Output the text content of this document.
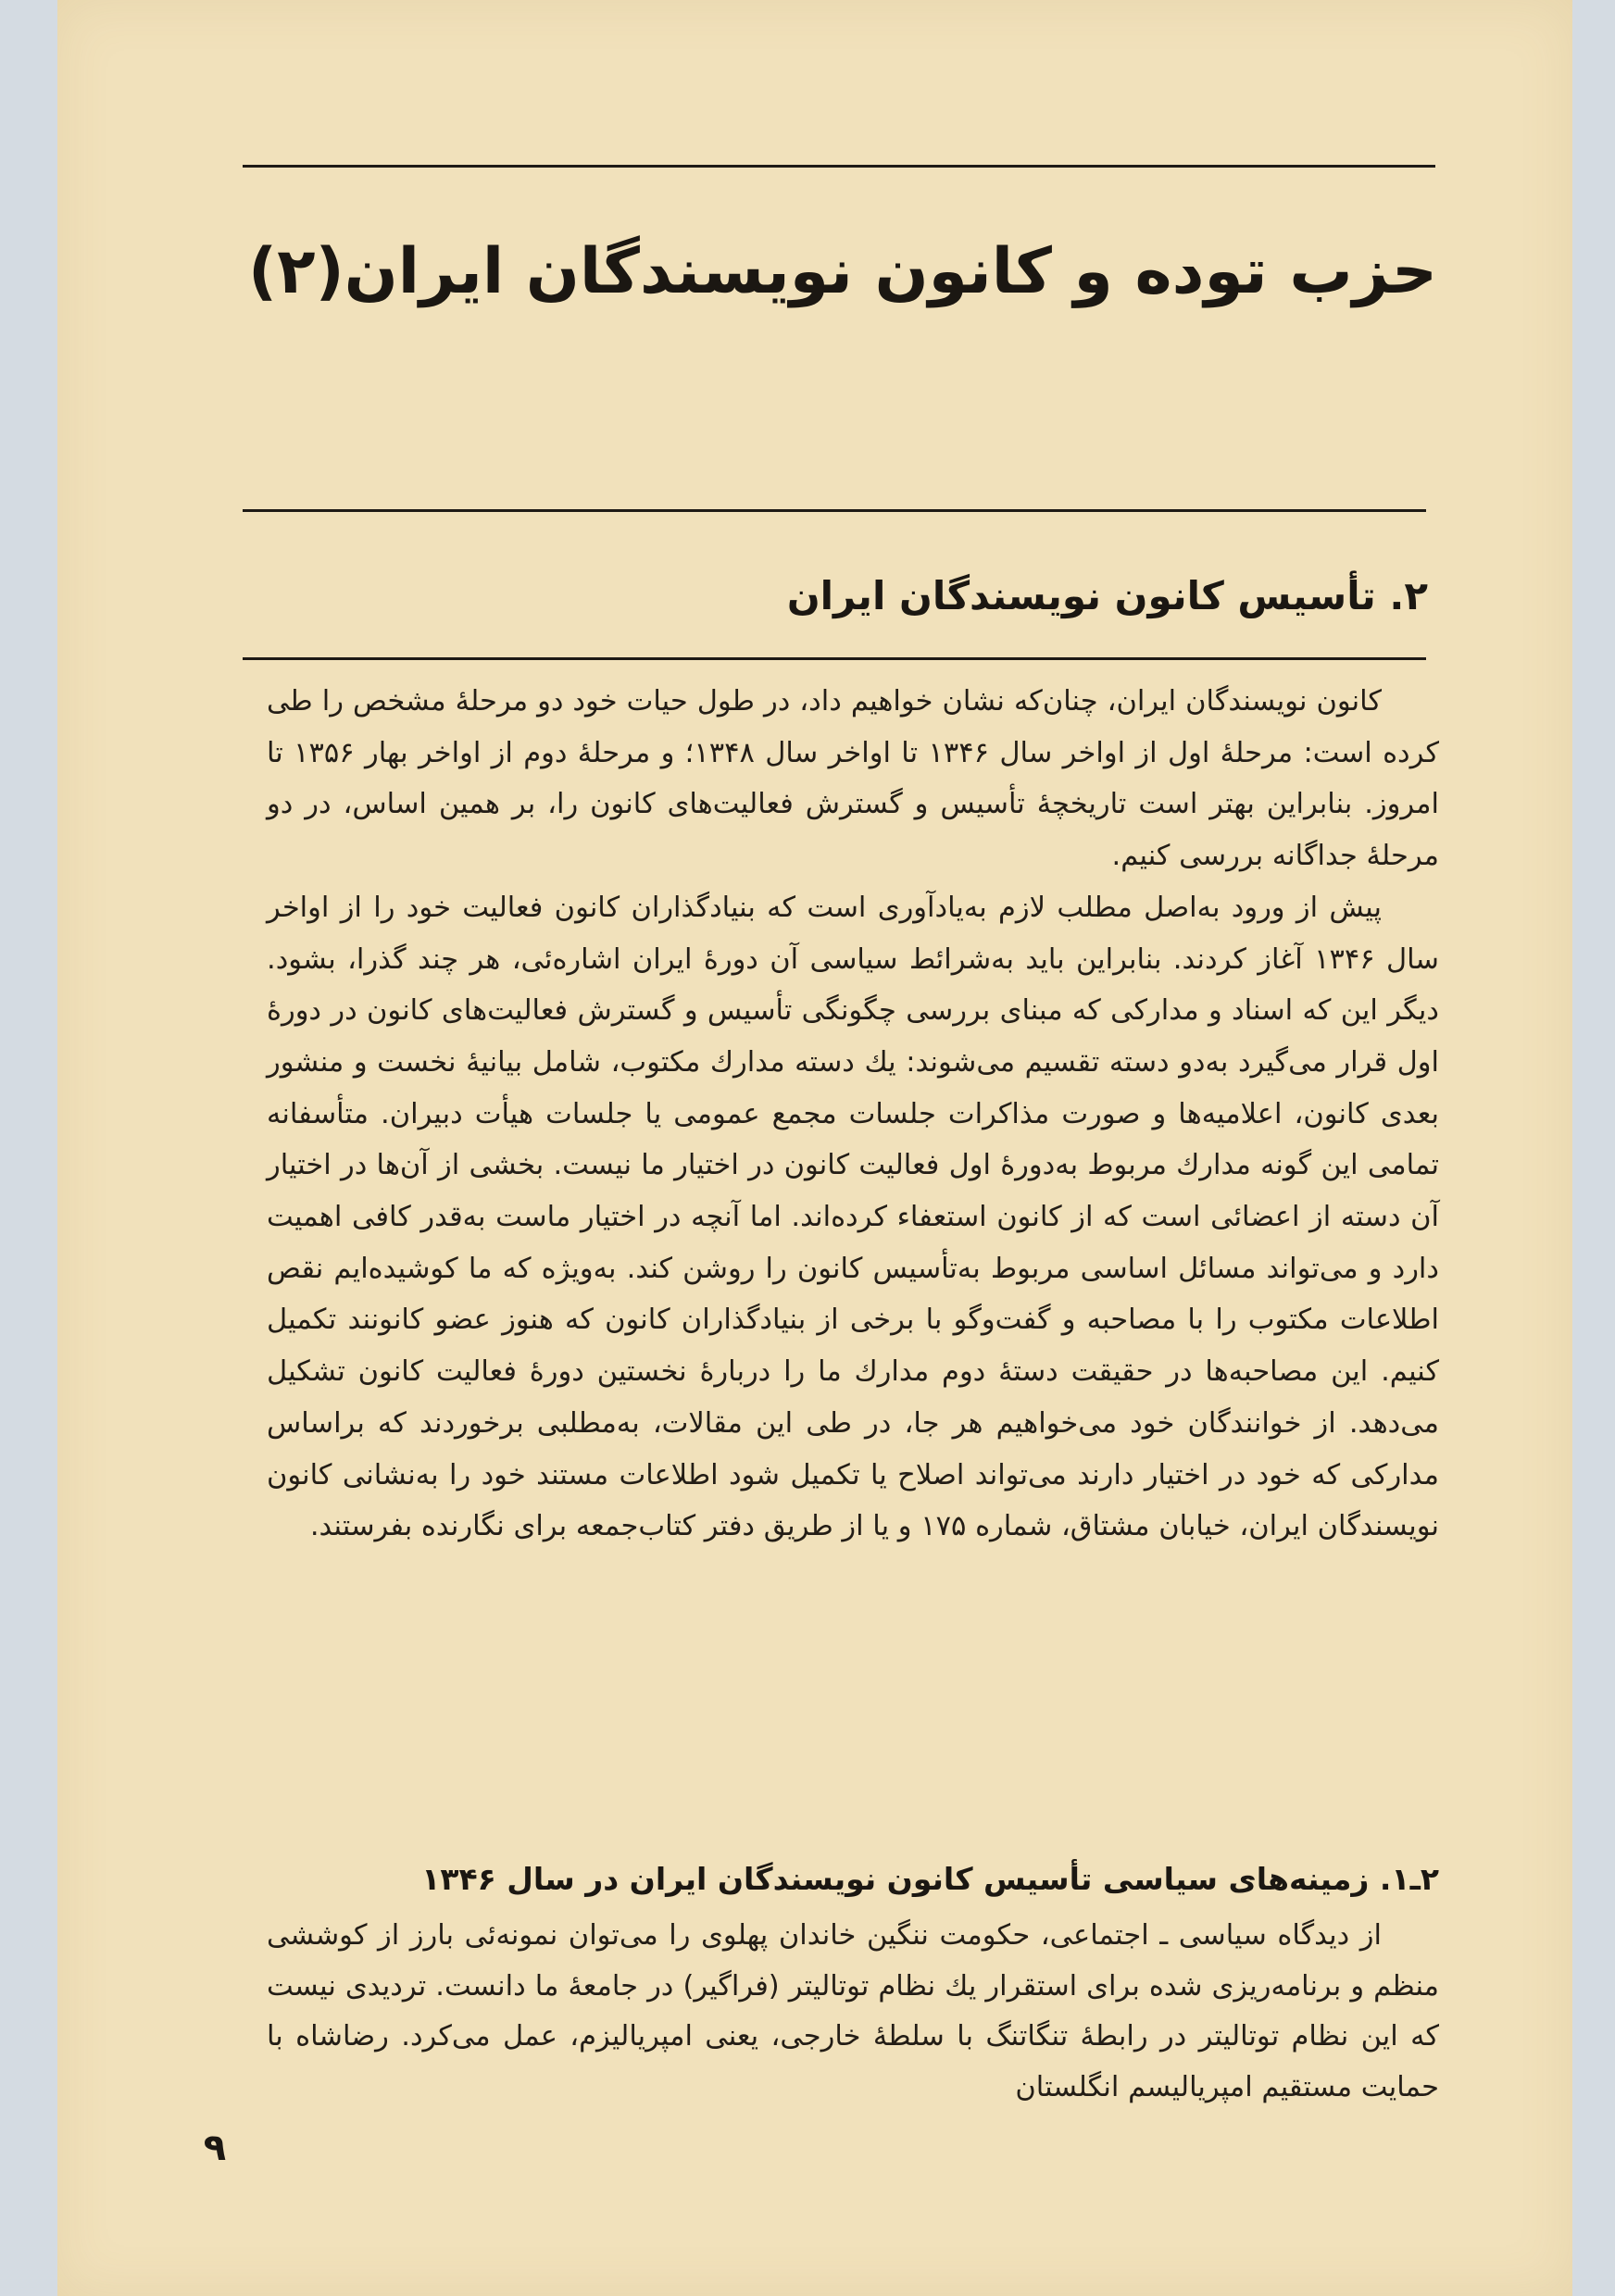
حزب توده و کانون نویسندگان ایران(۲)
۲. تأسیس کانون نویسندگان ایران

کانون نویسندگان ایران، چنان‌که نشان خواهیم داد، در طول حیات خود دو مرحلهٔ مشخص را طی کرده است: مرحلهٔ اول از اواخر سال ۱۳۴۶ تا اواخر سال ۱۳۴۸؛ و مرحلهٔ دوم از اواخر بهار ۱۳۵۶ تا امروز. بنابراین بهتر است تاریخچهٔ تأسیس و گسترش فعالیت‌های کانون را، بر همین اساس، در دو مرحلهٔ جداگانه بررسی کنیم.

پیش از ورود به‌اصل مطلب لازم به‌یادآوری است که بنیادگذاران کانون فعالیت خود را از اواخر سال ۱۳۴۶ آغاز کردند. بنابراین باید به‌شرائط سیاسی آن دورهٔ ایران اشاره‌ئی، هر چند گذرا، بشود. دیگر این که اسناد و مدارکی که مبنای بررسی چگونگی تأسیس و گسترش فعالیت‌های کانون در دورهٔ اول قرار می‌گیرد به‌دو دسته تقسیم می‌شوند: یك دسته مدارك مکتوب، شامل بیانیهٔ نخست و منشور بعدی کانون، اعلامیه‌ها و صورت مذاکرات جلسات مجمع عمومی یا جلسات هیأت دبیران. متأسفانه تمامی این گونه مدارك مربوط به‌دورهٔ اول فعالیت کانون در اختیار ما نیست. بخشی از آن‌ها در اختیار آن دسته از اعضائی است که از کانون استعفاء کرده‌اند. اما آنچه در اختیار ماست به‌قدر کافی اهمیت دارد و می‌تواند مسائل اساسی مربوط به‌تأسیس کانون را روشن کند. به‌ویژه که ما کوشیده‌ایم نقص اطلاعات مکتوب را با مصاحبه و گفت‌وگو با برخی از بنیادگذاران کانون که هنوز عضو کانونند تکمیل کنیم. این مصاحبه‌ها در حقیقت دستهٔ دوم مدارك ما را دربارهٔ نخستین دورهٔ فعالیت کانون تشکیل می‌دهد. از خوانندگان خود می‌خواهیم هر جا، در طی این مقالات، به‌مطلبی برخوردند که براساس مدارکی که خود در اختیار دارند می‌تواند اصلاح یا تکمیل شود اطلاعات مستند خود را به‌نشانی کانون نویسندگان ایران، خیابان مشتاق، شماره ۱۷۵ و یا از طریق دفتر کتاب‌جمعه برای نگارنده بفرستند.

۲ـ۱. زمینه‌های سیاسی تأسیس کانون نویسندگان ایران در سال ۱۳۴۶

از دیدگاه سیاسی ـ اجتماعی، حکومت ننگین خاندان پهلوی را می‌توان نمونه‌ئی بارز از کوششی منظم و برنامه‌ریزی شده برای استقرار یك نظام توتالیتر (فراگیر) در جامعهٔ ما دانست. تردیدی نیست که این نظام توتالیتر در رابطهٔ تنگاتنگ با سلطهٔ خارجی، یعنی امپریالیزم، عمل می‌کرد. رضاشاه با حمایت مستقیم امپریالیسم انگلستان

۹
